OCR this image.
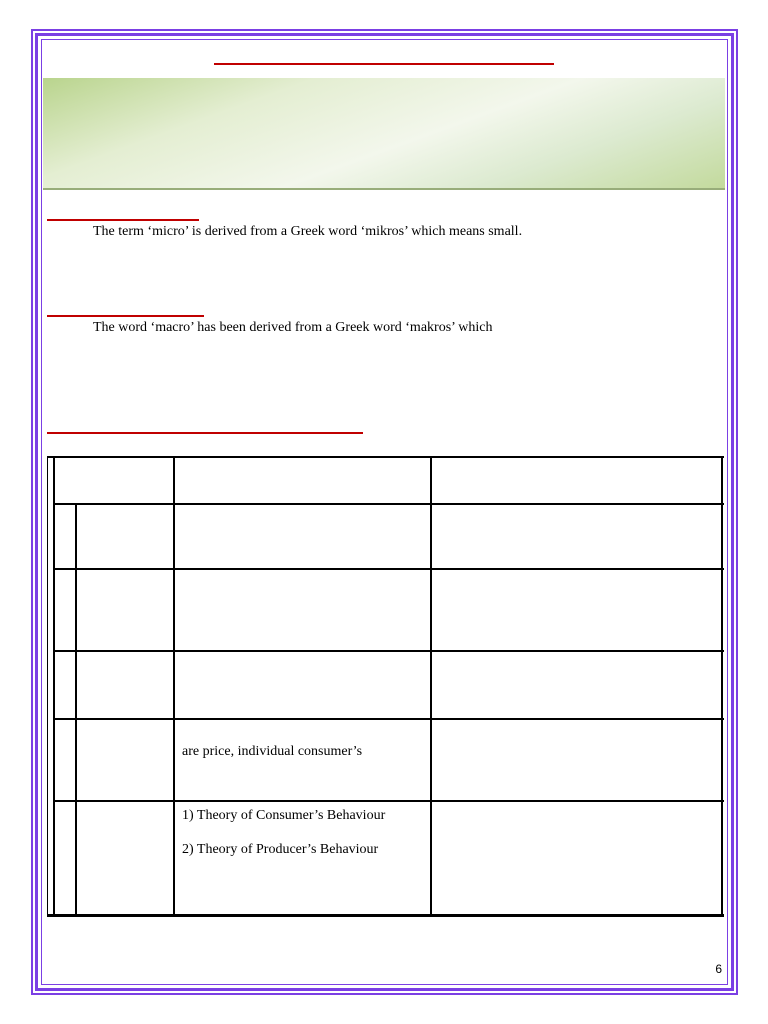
The term ‘micro’ is derived from a Greek word ‘mikros’ which means small.
The word ‘macro’ has been derived from a Greek word ‘makros’ which
are price, individual consumer’s
1) Theory of Consumer’s Behaviour
2) Theory of Producer’s Behaviour
6
